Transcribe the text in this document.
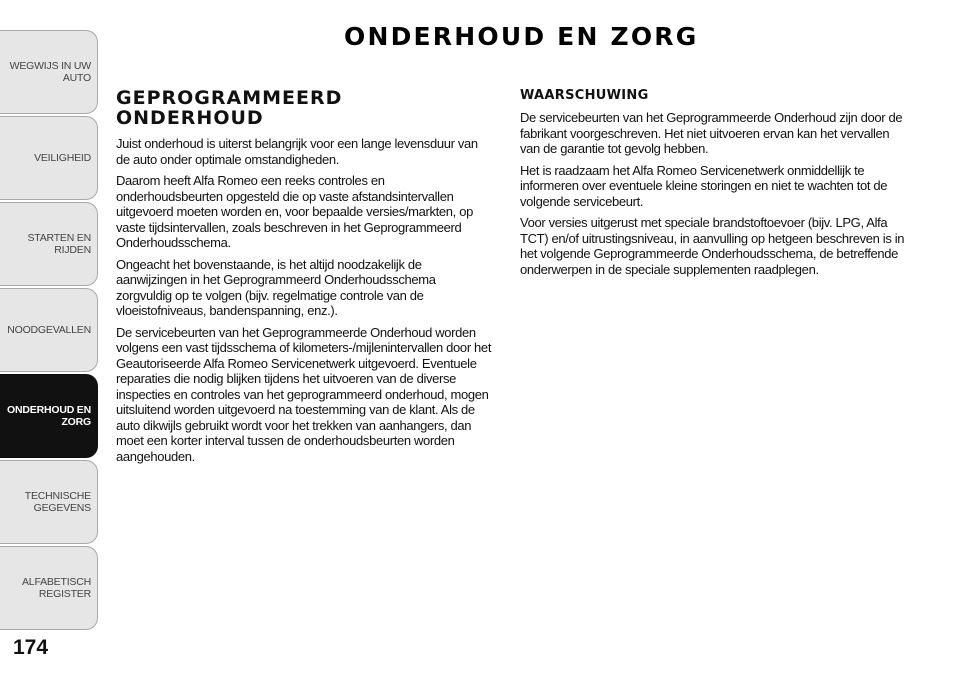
WEGWIJS IN UW
AUTO
VEILIGHEID
STARTEN EN RIJDEN
NOODGEVALLEN
ONDERHOUD EN
ZORG
TECHNISCHE
GEGEVENS
ALFABETISCH
REGISTER
174
ONDERHOUD EN ZORG
GEPROGRAMMEERD
ONDERHOUD

Juist onderhoud is uiterst belangrijk voor een lange levensduur van de auto onder optimale omstandigheden.

Daarom heeft Alfa Romeo een reeks controles en onderhoudsbeurten opgesteld die op vaste afstandsintervallen uitgevoerd moeten worden en, voor bepaalde versies/markten, op vaste tijdsintervallen, zoals beschreven in het Geprogrammeerd Onderhoudsschema.

Ongeacht het bovenstaande, is het altijd noodzakelijk de aanwijzingen in het Geprogrammeerd Onderhoudsschema zorgvuldig op te volgen (bijv. regelmatige controle van de vloeistofniveaus, bandenspanning, enz.).

De servicebeurten van het Geprogrammeerde Onderhoud worden volgens een vast tijdsschema of kilometers-/mijlenintervallen door het Geautoriseerde Alfa Romeo Servicenetwerk uitgevoerd. Eventuele reparaties die nodig blijken tijdens het uitvoeren van de diverse inspecties en controles van het geprogrammeerd onderhoud, mogen uitsluitend worden uitgevoerd na toestemming van de klant. Als de auto dikwijls gebruikt wordt voor het trekken van aanhangers, dan moet een korter interval tussen de onderhoudsbeurten worden aangehouden.

WAARSCHUWING

De servicebeurten van het Geprogrammeerde Onderhoud zijn door de fabrikant voorgeschreven. Het niet uitvoeren ervan kan het vervallen van de garantie tot gevolg hebben.

Het is raadzaam het Alfa Romeo Servicenetwerk onmiddellijk te informeren over eventuele kleine storingen en niet te wachten tot de volgende servicebeurt.

Voor versies uitgerust met speciale brandstoftoevoer (bijv. LPG, Alfa TCT) en/of uitrustingsniveau, in aanvulling op hetgeen beschreven is in het volgende Geprogrammeerde Onderhoudsschema, de betreffende onderwerpen in de speciale supplementen raadplegen.
